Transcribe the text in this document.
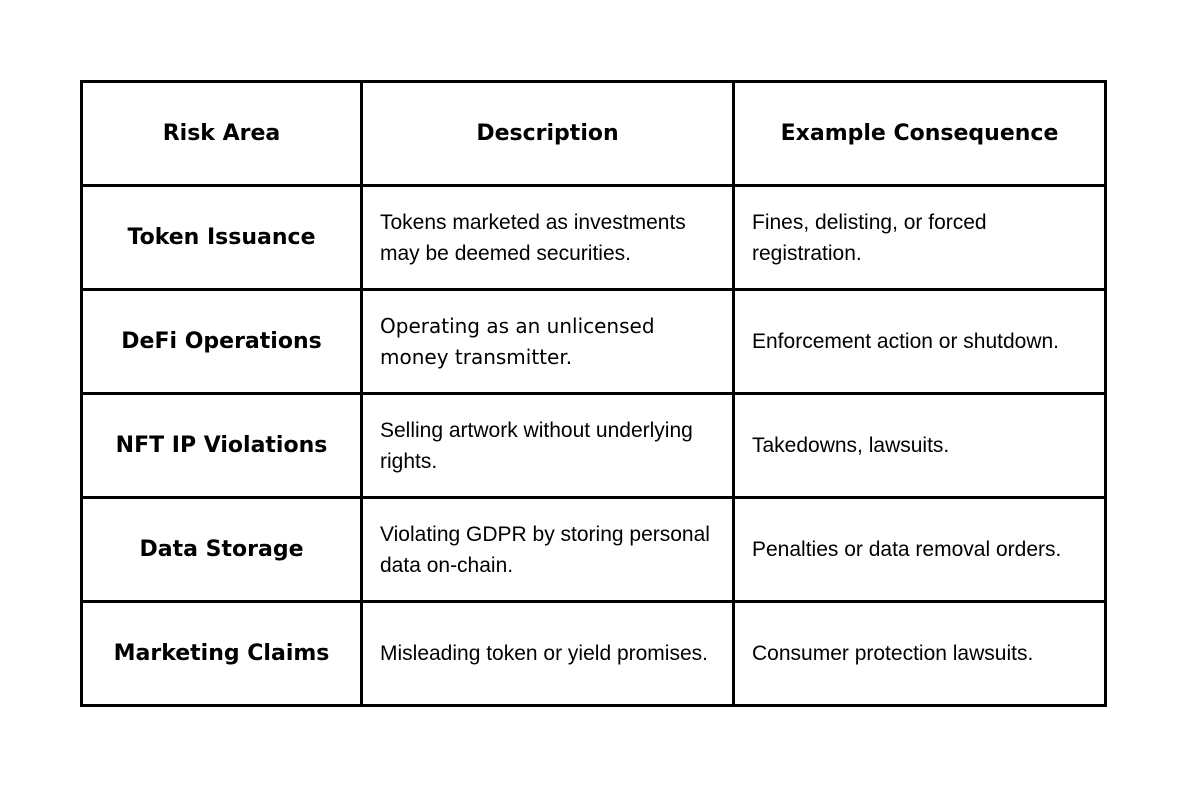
Risk Area	Description	Example Consequence
Token Issuance	Tokens marketed as investments may be deemed securities.	Fines, delisting, or forced registration.
DeFi Operations	Operating as an unlicensed money transmitter.	Enforcement action or shutdown.
NFT IP Violations	Selling artwork without underlying rights.	Takedowns, lawsuits.
Data Storage	Violating GDPR by storing personal data on-chain.	Penalties or data removal orders.
Marketing Claims	Misleading token or yield promises.	Consumer protection lawsuits.
